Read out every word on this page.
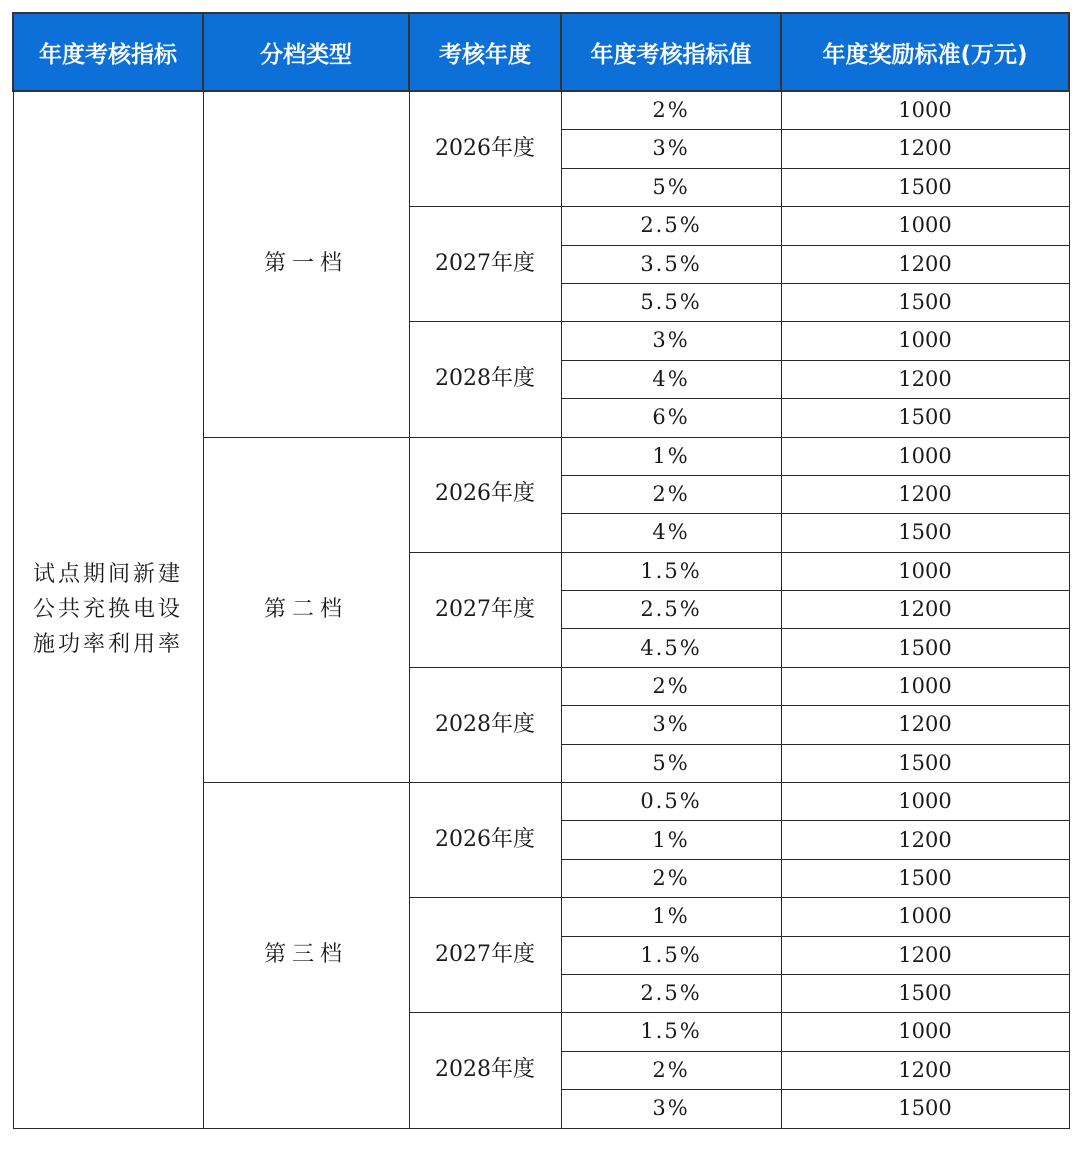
年度考核指标	分档类型	考核年度	年度考核指标值	年度奖励标准(万元)
试点期间新建公共充换电设施功率利用率	第一档	2026年度	2%	1000
			3%	1200
			5%	1500
		2027年度	2.5%	1000
			3.5%	1200
			5.5%	1500
		2028年度	3%	1000
			4%	1200
			6%	1500
	第二档	2026年度	1%	1000
			2%	1200
			4%	1500
		2027年度	1.5%	1000
			2.5%	1200
			4.5%	1500
		2028年度	2%	1000
			3%	1200
			5%	1500
	第三档	2026年度	0.5%	1000
			1%	1200
			2%	1500
		2027年度	1%	1000
			1.5%	1200
			2.5%	1500
		2028年度	1.5%	1000
			2%	1200
			3%	1500
